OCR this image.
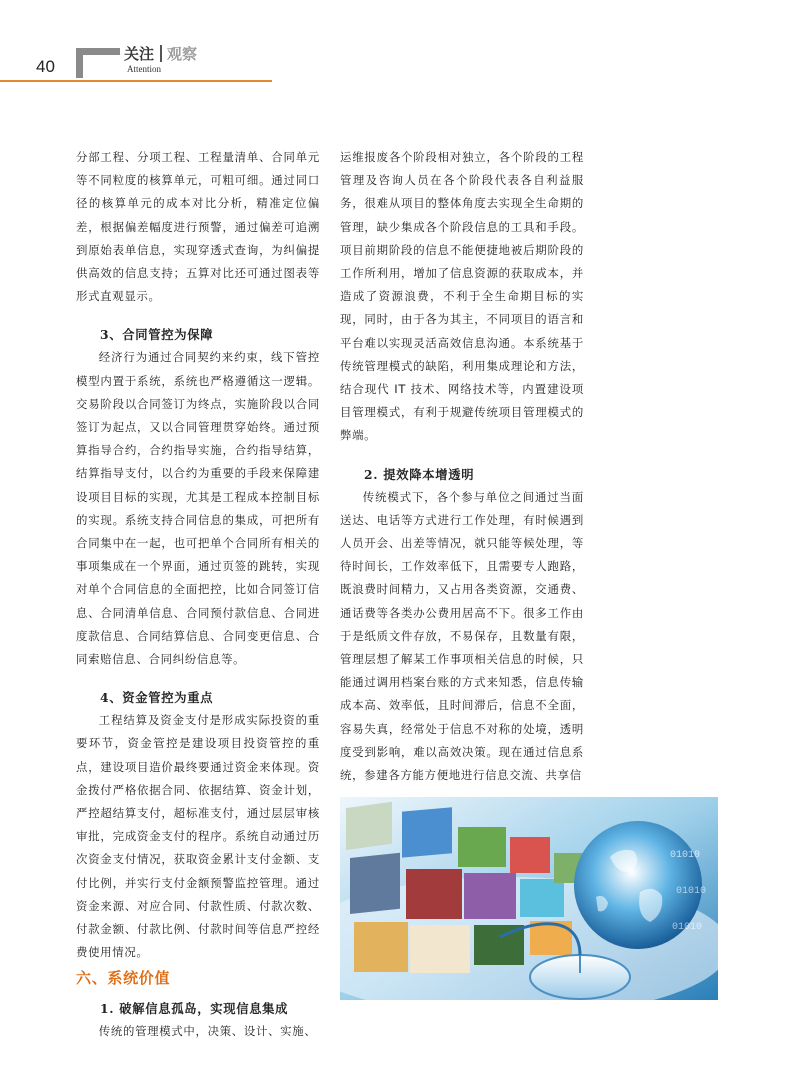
40
关注 观察
Attention

分部工程、分项工程、工程量清单、合同单元等不同粒度的核算单元，可粗可细。通过同口径的核算单元的成本对比分析，精准定位偏差，根据偏差幅度进行预警，通过偏差可追溯到原始表单信息，实现穿透式查询，为纠偏提供高效的信息支持；五算对比还可通过图表等形式直观显示。

3、合同管控为保障

经济行为通过合同契约来约束，线下管控模型内置于系统，系统也严格遵循这一逻辑。交易阶段以合同签订为终点，实施阶段以合同签订为起点，又以合同管理贯穿始终。通过预算指导合约，合约指导实施，合约指导结算，结算指导支付，以合约为重要的手段来保障建设项目目标的实现，尤其是工程成本控制目标的实现。系统支持合同信息的集成，可把所有合同集中在一起，也可把单个合同所有相关的事项集成在一个界面，通过页签的跳转，实现对单个合同信息的全面把控，比如合同签订信息、合同清单信息、合同预付款信息、合同进度款信息、合同结算信息、合同变更信息、合同索赔信息、合同纠纷信息等。

4、资金管控为重点

工程结算及资金支付是形成实际投资的重要环节，资金管控是建设项目投资管控的重点，建设项目造价最终要通过资金来体现。资金拨付严格依据合同、依据结算、资金计划，严控超结算支付，超标准支付，通过层层审核审批，完成资金支付的程序。系统自动通过历次资金支付情况，获取资金累计支付金额、支付比例，并实行支付金额预警监控管理。通过资金来源、对应合同、付款性质、付款次数、付款金额、付款比例、付款时间等信息严控经费使用情况。

六、系统价值

1. 破解信息孤岛，实现信息集成

传统的管理模式中，决策、设计、实施、

运维报废各个阶段相对独立，各个阶段的工程管理及咨询人员在各个阶段代表各自利益服务，很难从项目的整体角度去实现全生命期的管理，缺少集成各个阶段信息的工具和手段。项目前期阶段的信息不能便捷地被后期阶段的工作所利用，增加了信息资源的获取成本，并造成了资源浪费，不利于全生命期目标的实现，同时，由于各为其主，不同项目的语言和平台难以实现灵活高效信息沟通。本系统基于传统管理模式的缺陷，利用集成理论和方法，结合现代 IT 技术、网络技术等，内置建设项目管理模式，有利于规避传统项目管理模式的弊端。

2. 提效降本增透明

传统模式下，各个参与单位之间通过当面送达、电话等方式进行工作处理，有时候遇到人员开会、出差等情况，就只能等候处理，等待时间长，工作效率低下，且需要专人跑路，既浪费时间精力，又占用各类资源，交通费、通话费等各类办公费用居高不下。很多工作由于是纸质文件存放，不易保存，且数量有限，管理层想了解某工作事项相关信息的时候，只能通过调用档案台账的方式来知悉，信息传输成本高、效率低，且时间滞后，信息不全面，容易失真，经常处于信息不对称的处境，透明度受到影响，难以高效决策。现在通过信息系统，参建各方能方便地进行信息交流、共享信

01010
01010
01010
